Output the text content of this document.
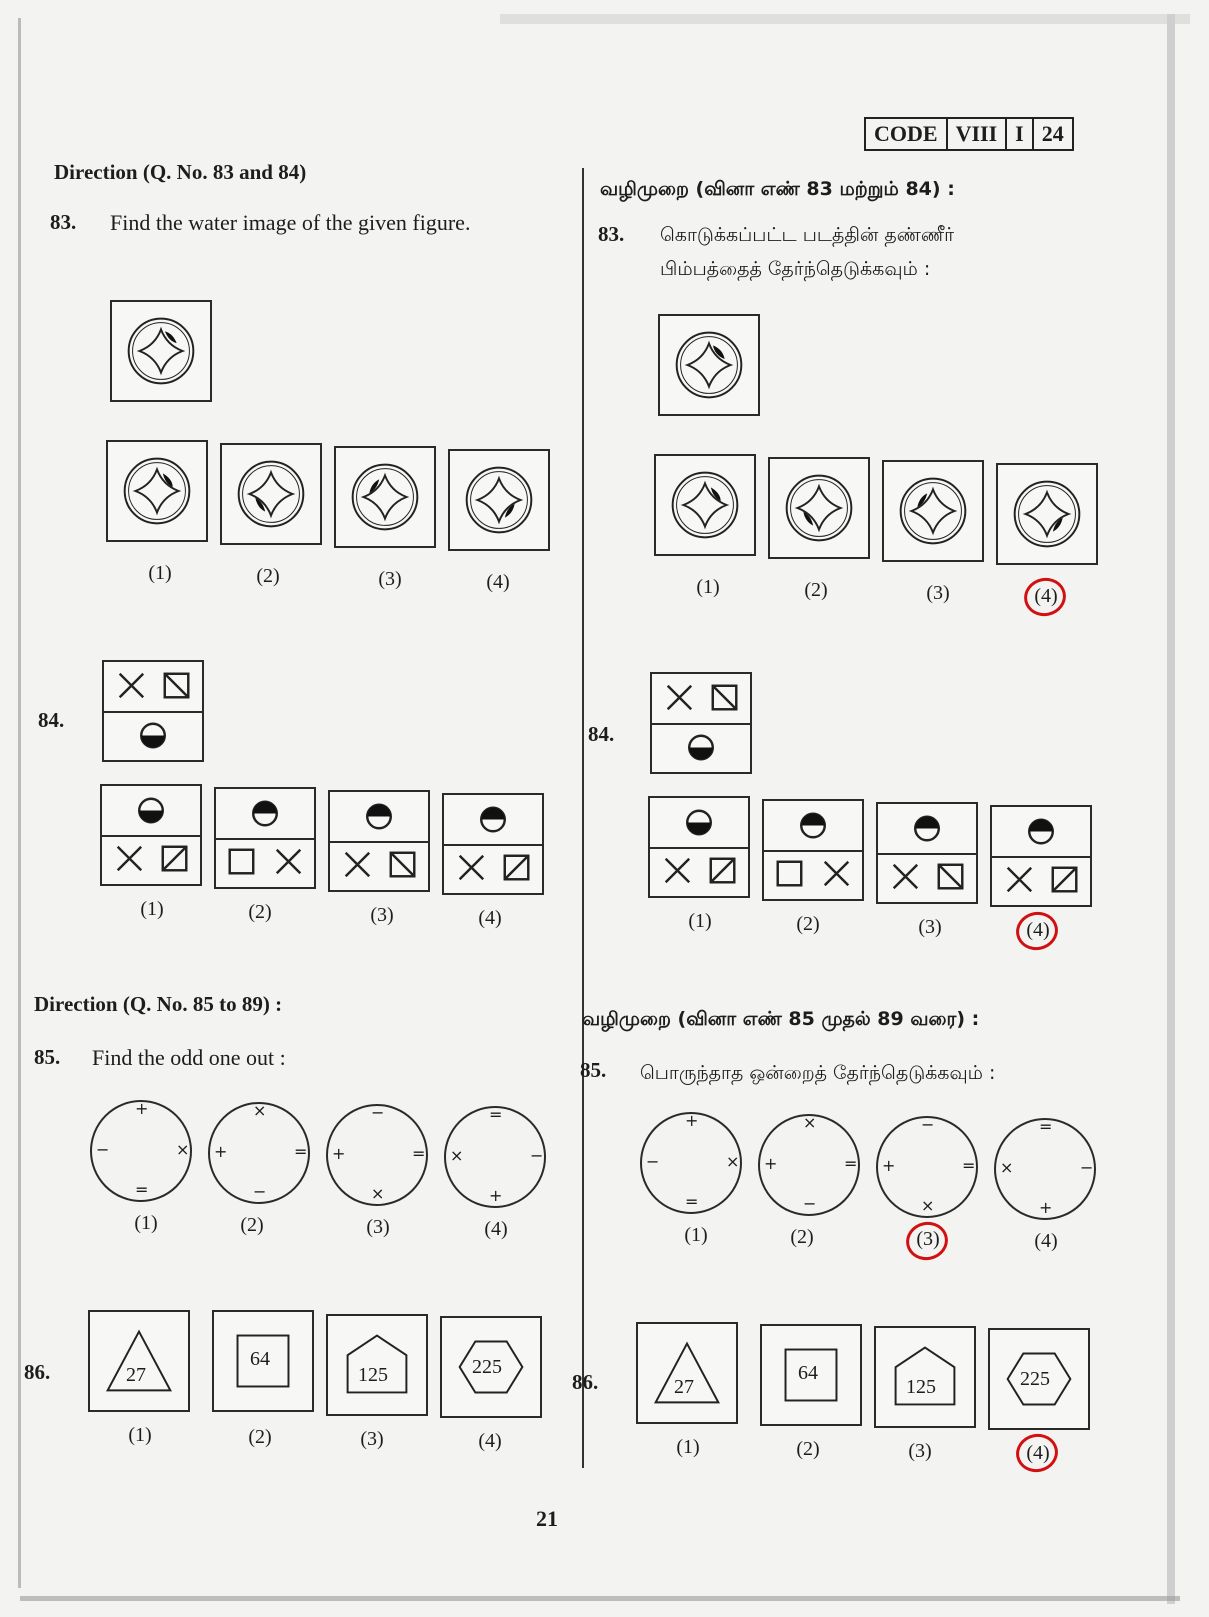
CODE VIII I 24
Direction (Q. No. 83 and 84)
83. Find the water image of the given figure.
(1)	(2)	(3)	(4)
84.
(1)	(2)	(3)	(4)
Direction (Q. No. 85 to 89) :
85. Find the odd one out :
+
−	×
=
×
+	=
−
−
+	=
×
=
×	−
+
(1)	(2)	(3)	(4)
86.	27
64
125	225
(1)	(2)	(3)	(4)
வழிமுறை (வினா எண் 83 மற்றும் 84) :
83. கொடுக்கப்பட்ட படத்தின் தண்ணீர்
பிம்பத்தைத் தேர்ந்தெடுக்கவும் :
(1)	(2)	(3)	(4)
84.
(1)	(2)	(3)	(4)
வழிமுறை (வினா எண் 85 முதல் 89 வரை) :
85. பொருந்தாத ஒன்றைத் தேர்ந்தெடுக்கவும் :
+
−	×
=
×
+	=
−
−
+	=
×
=
×	−
+
(1)	(2)	(3)	(4)
86.	27
64
125	225
(1)	(2)	(3)	(4)
21
